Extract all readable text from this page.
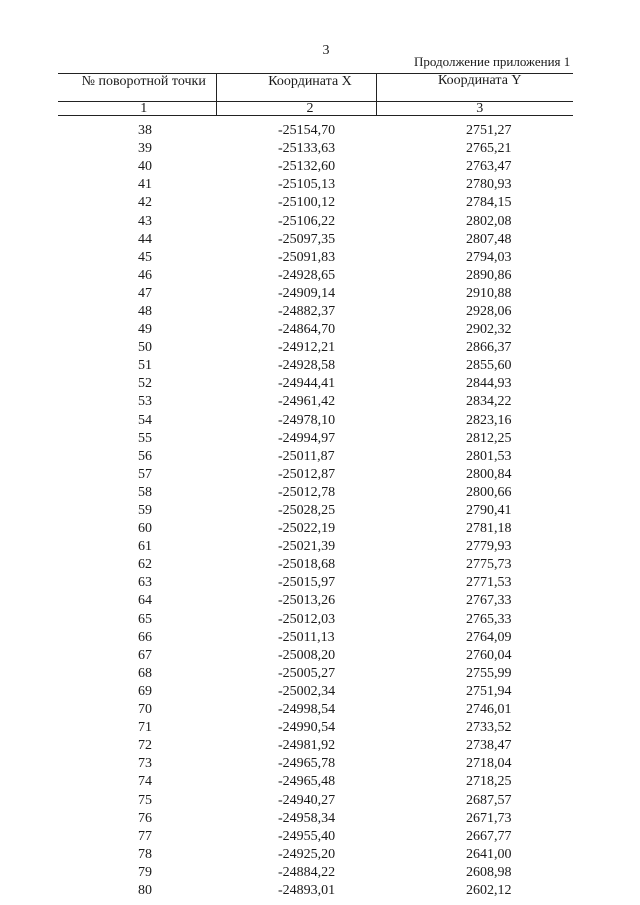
3
Продолжение приложения 1
№ поворотной точки	Координата X	Координата Y
1	2	3

38	-25154,70	2751,27
39	-25133,63	2765,21
40	-25132,60	2763,47
41	-25105,13	2780,93
42	-25100,12	2784,15
43	-25106,22	2802,08
44	-25097,35	2807,48
45	-25091,83	2794,03
46	-24928,65	2890,86
47	-24909,14	2910,88
48	-24882,37	2928,06
49	-24864,70	2902,32
50	-24912,21	2866,37
51	-24928,58	2855,60
52	-24944,41	2844,93
53	-24961,42	2834,22
54	-24978,10	2823,16
55	-24994,97	2812,25
56	-25011,87	2801,53
57	-25012,87	2800,84
58	-25012,78	2800,66
59	-25028,25	2790,41
60	-25022,19	2781,18
61	-25021,39	2779,93
62	-25018,68	2775,73
63	-25015,97	2771,53
64	-25013,26	2767,33
65	-25012,03	2765,33
66	-25011,13	2764,09
67	-25008,20	2760,04
68	-25005,27	2755,99
69	-25002,34	2751,94
70	-24998,54	2746,01
71	-24990,54	2733,52
72	-24981,92	2738,47
73	-24965,78	2718,04
74	-24965,48	2718,25
75	-24940,27	2687,57
76	-24958,34	2671,73
77	-24955,40	2667,77
78	-24925,20	2641,00
79	-24884,22	2608,98
80	-24893,01	2602,12
